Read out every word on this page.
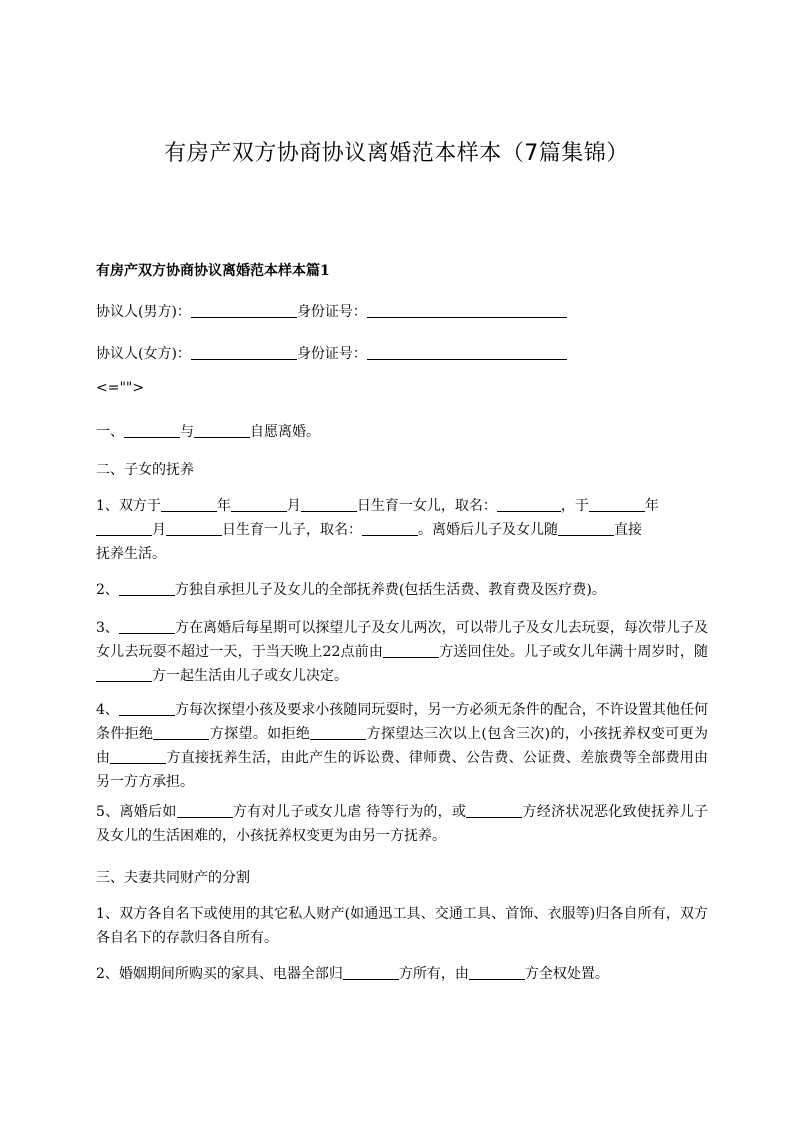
有房产双方协商协议离婚范本样本（7篇集锦）
有房产双方协商协议离婚范本样本篇1
协议人(男方)：	身份证号：
协议人(女方)：	身份证号：
<="">
一、	与	自愿离婚。
二、子女的抚养
1、双方于	年	月	日生育一女儿，取名：	，于	年
月	日生育一儿子，取名：	。离婚后儿子及女儿随	直接
抚养生活。
2、	方独自承担儿子及女儿的全部抚养费(包括生活费、教育费及医疗费)。
3、	方在离婚后每星期可以探望儿子及女儿两次，可以带儿子及女儿去玩耍，每次带儿子及女儿去玩耍不超过一天，于当天晚上22点前由	方送回住处。儿子或女儿年满十周岁时，随方一起生活由儿子或女儿决定。
4、	方每次探望小孩及要求小孩随同玩耍时，另一方必须无条件的配合，不许设置其他任何条件拒绝	方探望。如拒绝	方探望达三次以上(包含三次)的，小孩抚养权变可更为由	方直接抚养生活，由此产生的诉讼费、律师费、公告费、公证费、差旅费等全部费用由另一方方承担。
5、离婚后如	方有对儿子或女儿虐 待等行为的，或	方经济状况恶化致使抚养儿子及女儿的生活困难的，小孩抚养权变更为由另一方抚养。
三、夫妻共同财产的分割
1、双方各自名下或使用的其它私人财产(如通迅工具、交通工具、首饰、衣服等)归各自所有，双方各自名下的存款归各自所有。
2、婚姻期间所购买的家具、电器全部归	方所有，由	方全权处置。
